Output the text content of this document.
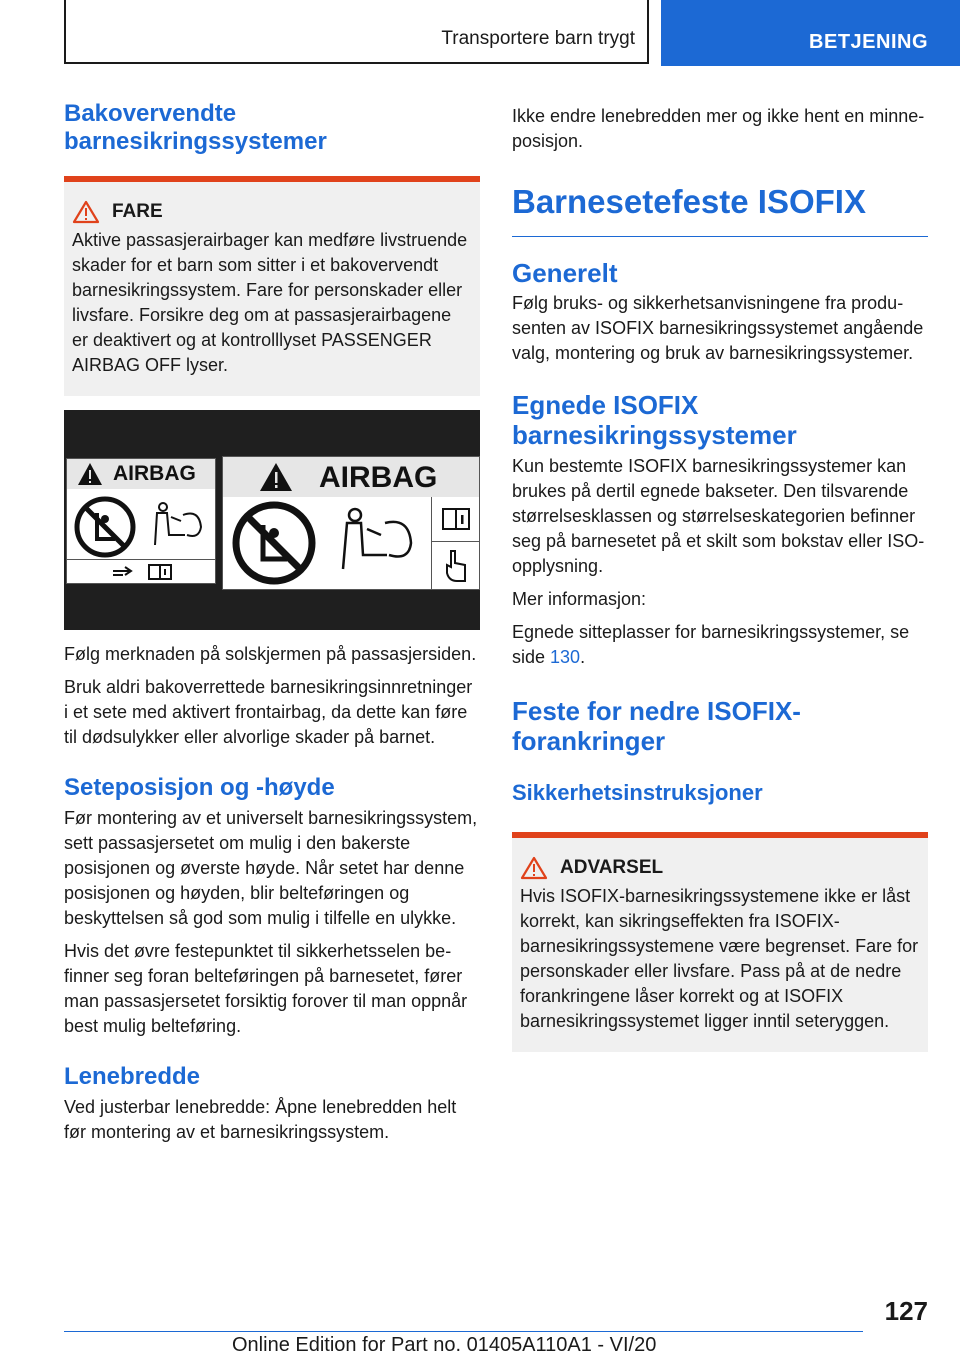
Transportere barn trygt	BETJENING
Bakovervendte barnesikringssystemer
FARE

Aktive passasjerairbager kan medføre livstruende skader for et barn som sitter i et bakovervendt barnesikringssystem. Fare for personskader eller livsfare. Forsikre deg om at passasjerairbagene er deaktivert og at kontrolllyset PASSENGER AIRBAG OFF lyser.

AIRBAG	AIRBAG

Følg merknaden på solskjermen på passasjersiden.

Bruk aldri bakoverrettede barnesikringsinnretninger i et sete med aktivert frontairbag, da dette kan føre til dødsulykker eller alvorlige skader på barnet.

Seteposisjon og -høyde

Før montering av et universelt barnesikringssystem, sett passasjersetet om mulig i den bakerste posisjonen og øverste høyde. Når setet har denne posisjonen og høyden, blir belteføringen og beskyttelsen så god som mulig i tilfelle en ulykke.

Hvis det øvre festepunktet til sikkerhetsselen befinner seg foran belteføringen på barnesetet, fører man passasjersetet forsiktig forover til man oppnår best mulig belteføring.

Lenebredde

Ved justerbar lenebredde: Åpne lenebredden helt før montering av et barnesikringssystem.

Ikke endre lenebredden mer og ikke hent en minne-posisjon.

Barnesetefeste ISOFIX
Generelt

Følg bruks- og sikkerhetsanvisningene fra produsenten av ISOFIX barnesikringssystemet angående valg, montering og bruk av barnesikringssystemer.

Egnede ISOFIX barnesikringssystemer

Kun bestemte ISOFIX barnesikringssystemer kan brukes på dertil egnede bakseter. Den tilsvarende størrelsesklassen og størrelseskategorien befinner seg på barnesetet på et skilt som bokstav eller ISO-opplysning.

Mer informasjon:

Egnede sitteplasser for barnesikringssystemer, se side 130.

Feste for nedre ISOFIX-forankringer
Sikkerhetsinstruksjoner
ADVARSEL

Hvis ISOFIX-barnesikringssystemene ikke er låst korrekt, kan sikringseffekten fra ISOFIX-barnesikringssystemene være begrenset. Fare for personskader eller livsfare. Pass på at de nedre forankringene låser korrekt og at ISOFIX barnesikringssystemet ligger inntil seteryggen.

127
Online Edition for Part no. 01405A110A1 - VI/20
